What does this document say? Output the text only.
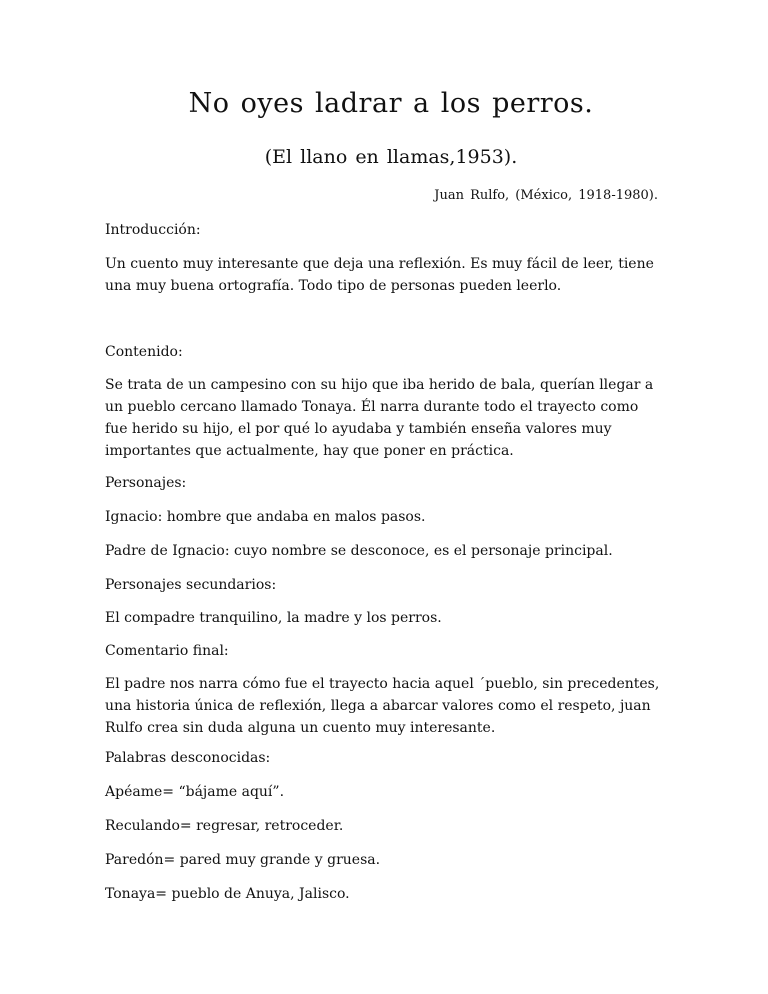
No oyes ladrar a los perros.
(El llano en llamas,1953).
Juan Rulfo, (México, 1918-1980).

Introducción:

Un cuento muy interesante que deja una reflexión. Es muy fácil de leer, tiene una muy buena ortografía. Todo tipo de personas pueden leerlo.

Contenido:

Se trata de un campesino con su hijo que iba herido de bala, querían llegar a un pueblo cercano llamado Tonaya. Él narra durante todo el trayecto como fue herido su hijo, el por qué lo ayudaba y también enseña valores muy importantes que actualmente, hay que poner en práctica.

Personajes:

Ignacio: hombre que andaba en malos pasos.

Padre de Ignacio: cuyo nombre se desconoce, es el personaje principal.

Personajes secundarios:

El compadre tranquilino, la madre y los perros.

Comentario final:

El padre nos narra cómo fue el trayecto hacia aquel ´pueblo, sin precedentes, una historia única de reflexión, llega a abarcar valores como el respeto, juan Rulfo crea sin duda alguna un cuento muy interesante.

Palabras desconocidas:

Apéame= “bájame aquí”.

Reculando= regresar, retroceder.

Paredón= pared muy grande y gruesa.

Tonaya= pueblo de Anuya, Jalisco.
